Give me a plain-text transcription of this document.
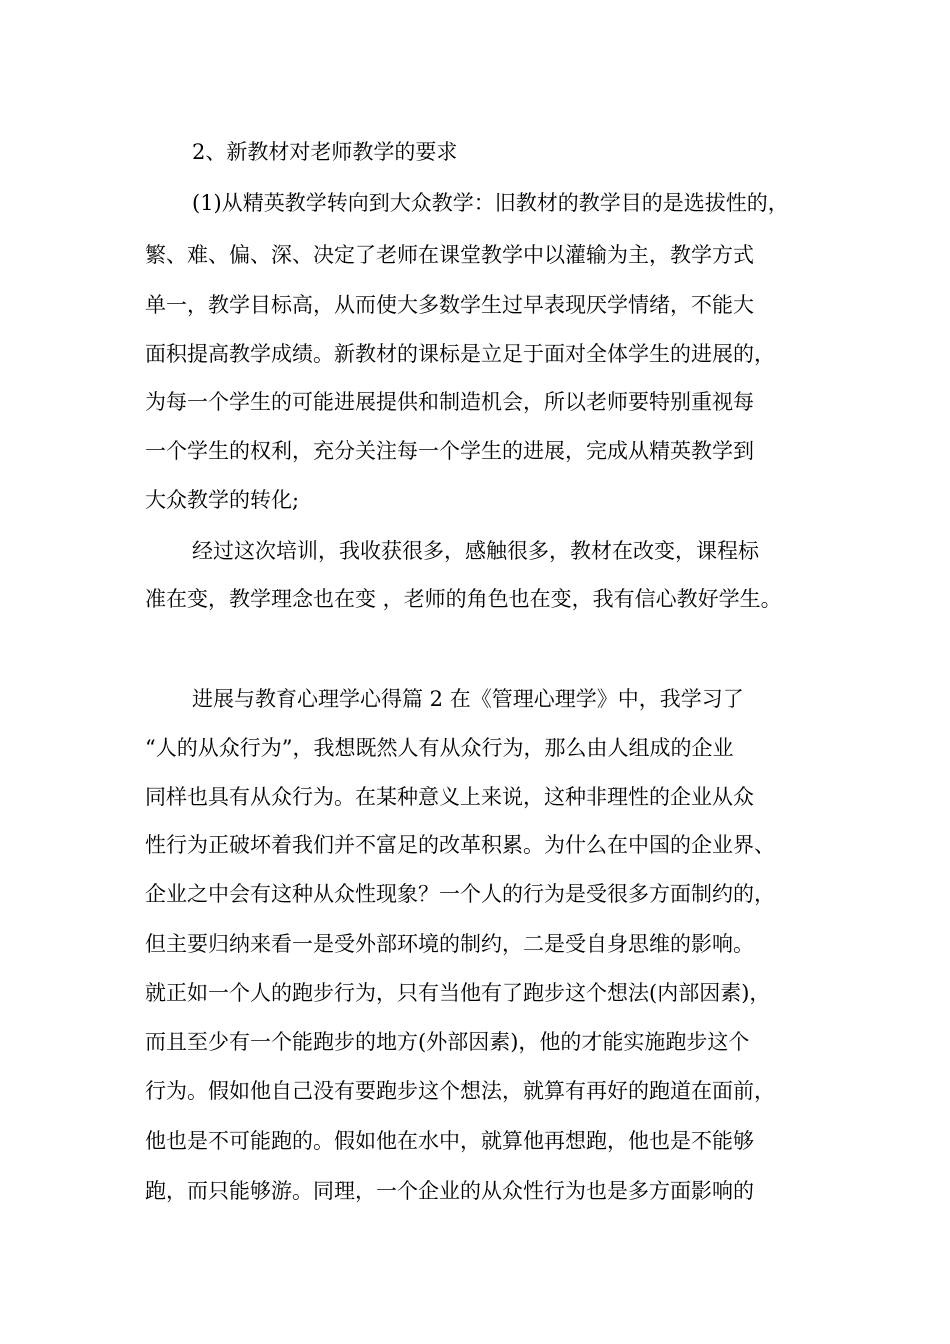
2、新教材对老师教学的要求
(1)从精英教学转向到大众教学：旧教材的教学目的是选拔性的，
繁、难、偏、深、决定了老师在课堂教学中以灌输为主，教学方式
单一，教学目标高，从而使大多数学生过早表现厌学情绪，不能大
面积提高教学成绩。新教材的课标是立足于面对全体学生的进展的，
为每一个学生的可能进展提供和制造机会，所以老师要特别重视每
一个学生的权利，充分关注每一个学生的进展，完成从精英教学到
大众教学的转化;
经过这次培训，我收获很多，感触很多，教材在改变，课程标
准在变，教学理念也在变 ，老师的角色也在变，我有信心教好学生。
进展与教育心理学心得篇 2 在《管理心理学》中，我学习了
“人的从众行为”，我想既然人有从众行为，那么由人组成的企业
同样也具有从众行为。在某种意义上来说，这种非理性的企业从众
性行为正破坏着我们并不富足的改革积累。为什么在中国的企业界、
企业之中会有这种从众性现象？一个人的行为是受很多方面制约的，
但主要归纳来看一是受外部环境的制约，二是受自身思维的影响。
就正如一个人的跑步行为，只有当他有了跑步这个想法(内部因素)，
而且至少有一个能跑步的地方(外部因素)，他的才能实施跑步这个
行为。假如他自己没有要跑步这个想法，就算有再好的跑道在面前，
他也是不可能跑的。假如他在水中，就算他再想跑，他也是不能够
跑，而只能够游。同理，一个企业的从众性行为也是多方面影响的
